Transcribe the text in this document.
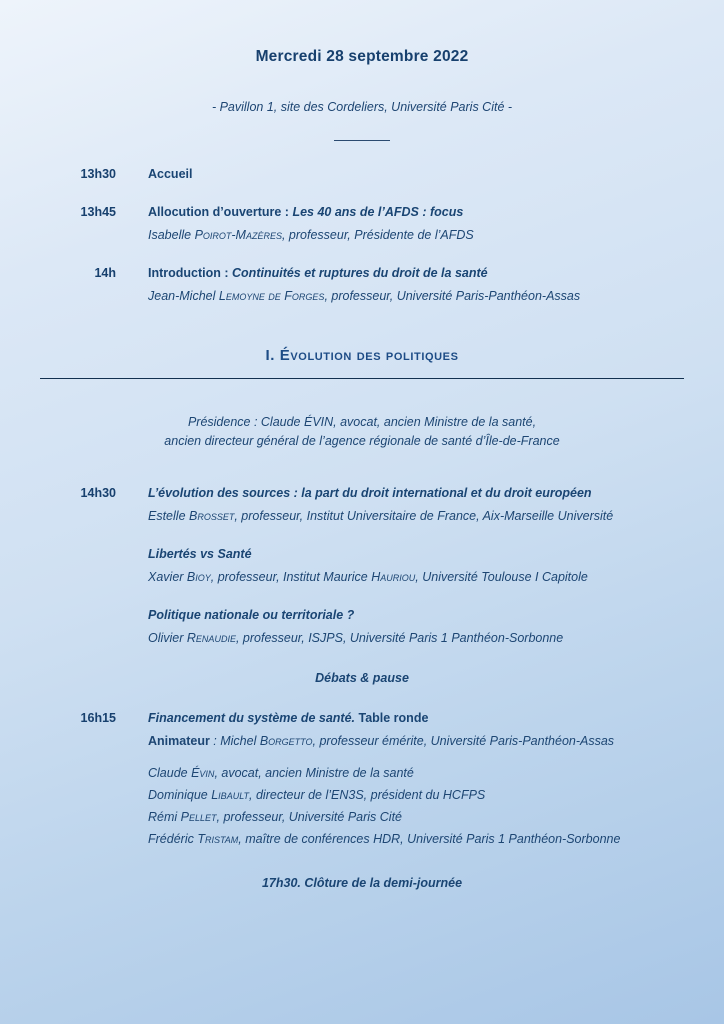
Mercredi 28 septembre 2022
- Pavillon 1, site des Cordeliers, Université Paris Cité -
13h30	Accueil
13h45	Allocution d’ouverture : Les 40 ans de l’AFDS : focus
Isabelle Poirot-Mazères, professeur, Présidente de l’AFDS
14h	Introduction : Continuités et ruptures du droit de la santé
Jean-Michel Lemoyne de Forges, professeur, Université Paris-Panthéon-Assas
I. Évolution des politiques
Présidence : Claude ÉVIN, avocat, ancien Ministre de la santé,
ancien directeur général de l’agence régionale de santé d’Île-de-France
14h30	L’évolution des sources : la part du droit international et du droit européen
Estelle Brosset, professeur, Institut Universitaire de France, Aix-Marseille Université
Libertés vs Santé
Xavier Bioy, professeur, Institut Maurice Hauriou, Université Toulouse I Capitole
Politique nationale ou territoriale ?
Olivier Renaudie, professeur, ISJPS, Université Paris 1 Panthéon-Sorbonne
Débats & pause
16h15	Financement du système de santé. Table ronde
Animateur : Michel Borgetto, professeur émérite, Université Paris-Panthéon-Assas
Claude Évin, avocat, ancien Ministre de la santé
Dominique Libault, directeur de l’EN3S, président du HCFPS
Rémi Pellet, professeur, Université Paris Cité
Frédéric Tristam, maître de conférences HDR, Université Paris 1 Panthéon-Sorbonne
17h30. Clôture de la demi-journée
